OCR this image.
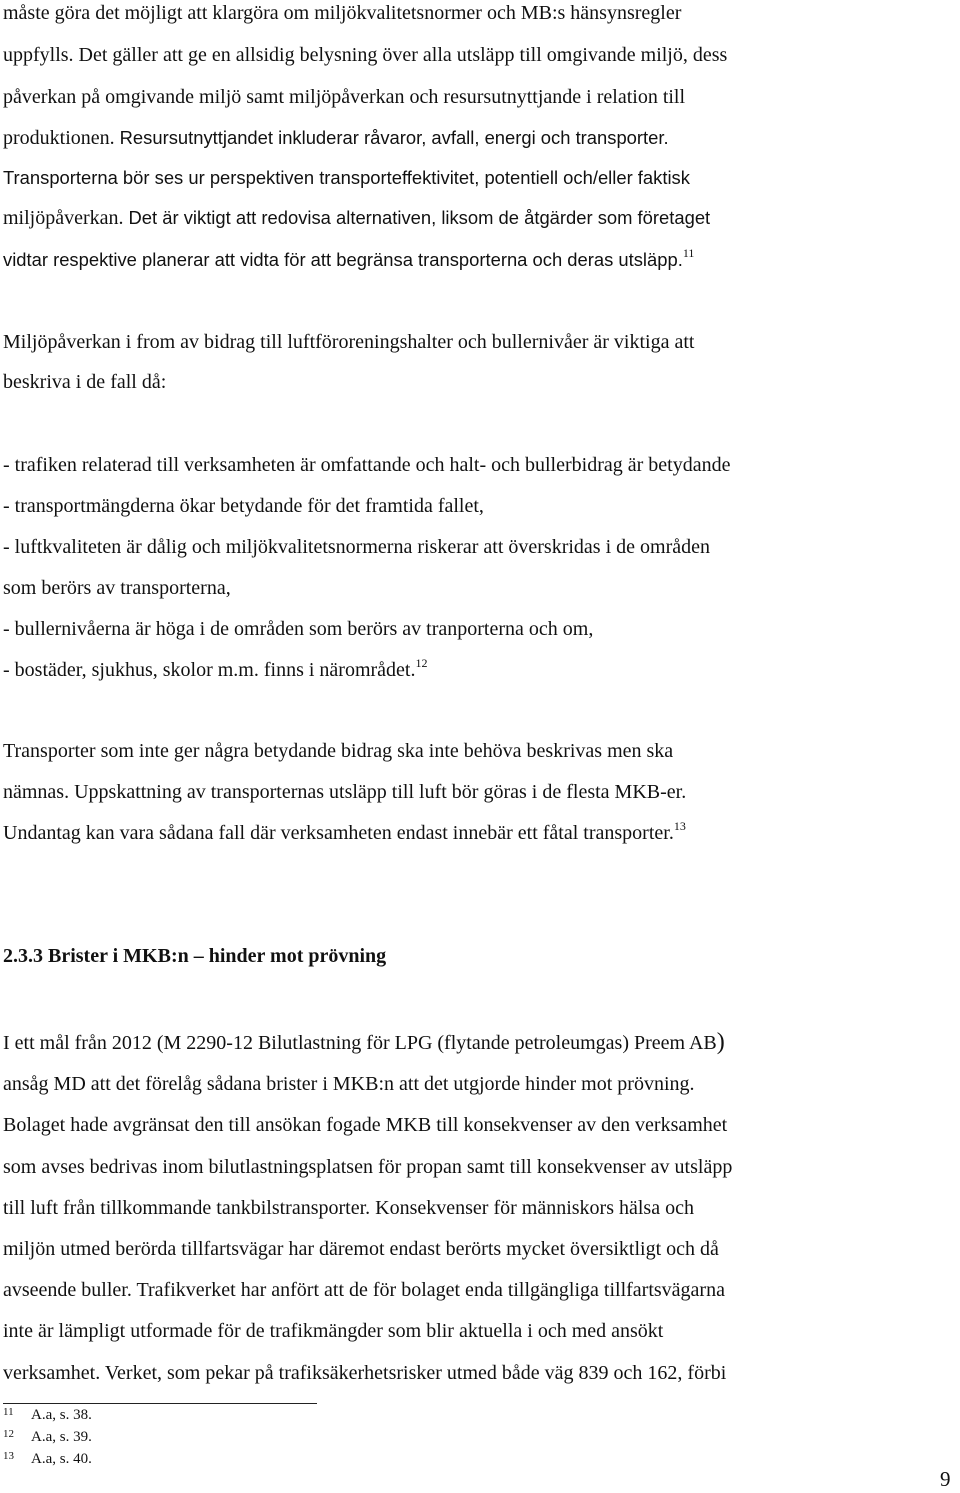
måste göra det möjligt att klargöra om miljökvalitetsnormer och MB:s hänsynsregler
uppfylls. Det gäller att ge en allsidig belysning över alla utsläpp till omgivande miljö, dess
påverkan på omgivande miljö samt miljöpåverkan och resursutnyttjande i relation till
produktionen. Resursutnyttjandet inkluderar råvaror, avfall, energi och transporter.
Transporterna bör ses ur perspektiven transporteffektivitet, potentiell och/eller faktisk
miljöpåverkan. Det är viktigt att redovisa alternativen, liksom de åtgärder som företaget
vidtar respektive planerar att vidta för att begränsa transporterna och deras utsläpp.$^{11}$
Miljöpåverkan i from av bidrag till luftföroreningshalter och bullernivåer är viktiga att
beskriva i de fall då:
- trafiken relaterad till verksamheten är omfattande och halt- och bullerbidrag är betydande
- transportmängderna ökar betydande för det framtida fallet,
- luftkvaliteten är dålig och miljökvalitetsnormerna riskerar att överskridas i de områden
som berörs av transporterna,
- bullernivåerna är höga i de områden som berörs av tranporterna och om,
- bostäder, sjukhus, skolor m.m. finns i närområdet.$^{12}$
Transporter som inte ger några betydande bidrag ska inte behöva beskrivas men ska
nämnas. Uppskattning av transporternas utsläpp till luft bör göras i de flesta MKB-er.
Undantag kan vara sådana fall där verksamheten endast innebär ett fåtal transporter.$^{13}$
2.3.3 Brister i MKB:n – hinder mot prövning
I ett mål från 2012 (M 2290-12 Bilutlastning för LPG (flytande petroleumgas) Preem AB)
ansåg MD att det förelåg sådana brister i MKB:n att det utgjorde hinder mot prövning.
Bolaget hade avgränsat den till ansökan fogade MKB till konsekvenser av den verksamhet
som avses bedrivas inom bilutlastningsplatsen för propan samt till konsekvenser av utsläpp
till luft från tillkommande tankbilstransporter. Konsekvenser för människors hälsa och
miljön utmed berörda tillfartsvägar har däremot endast berörts mycket översiktligt och då
avseende buller. Trafikverket har anfört att de för bolaget enda tillgängliga tillfartsvägarna
inte är lämpligt utformade för de trafikmängder som blir aktuella i och med ansökt
verksamhet. Verket, som pekar på trafiksäkerhetsrisker utmed både väg 839 och 162, förbi
11 A.a, s. 38.
12 A.a, s. 39.
13 A.a, s. 40.
9
